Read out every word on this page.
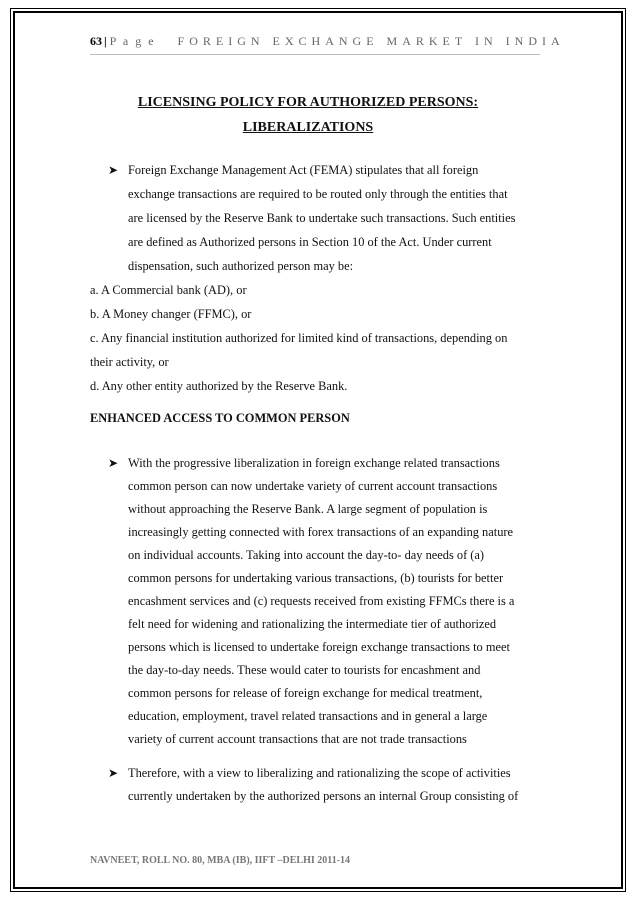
63 | P a g e FOREIGN EXCHANGE MARKET IN INDIA
LICENSING POLICY FOR AUTHORIZED PERSONS:
LIBERALIZATIONS
➤ Foreign Exchange Management Act (FEMA) stipulates that all foreign
exchange transactions are required to be routed only through the entities that
are licensed by the Reserve Bank to undertake such transactions. Such entities
are defined as Authorized persons in Section 10 of the Act. Under current
dispensation, such authorized person may be:
a. A Commercial bank (AD), or
b. A Money changer (FFMC), or
c. Any financial institution authorized for limited kind of transactions, depending on
their activity, or
d. Any other entity authorized by the Reserve Bank.
ENHANCED ACCESS TO COMMON PERSON
➤ With the progressive liberalization in foreign exchange related transactions
common person can now undertake variety of current account transactions
without approaching the Reserve Bank. A large segment of population is
increasingly getting connected with forex transactions of an expanding nature
on individual accounts. Taking into account the day-to- day needs of (a)
common persons for undertaking various transactions, (b) tourists for better
encashment services and (c) requests received from existing FFMCs there is a
felt need for widening and rationalizing the intermediate tier of authorized
persons which is licensed to undertake foreign exchange transactions to meet
the day-to-day needs. These would cater to tourists for encashment and
common persons for release of foreign exchange for medical treatment,
education, employment, travel related transactions and in general a large
variety of current account transactions that are not trade transactions
➤ Therefore, with a view to liberalizing and rationalizing the scope of activities
currently undertaken by the authorized persons an internal Group consisting of
NAVNEET, ROLL NO. 80, MBA (IB), IIFT –DELHI 2011-14
